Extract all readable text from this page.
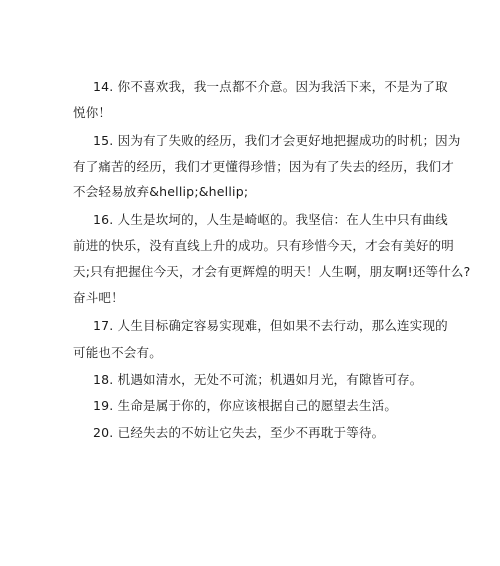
14. 你不喜欢我，我一点都不介意。因为我活下来，不是为了取
悦你！
15. 因为有了失败的经历，我们才会更好地把握成功的时机；因为
有了痛苦的经历，我们才更懂得珍惜；因为有了失去的经历，我们才
不会轻易放弃&hellip;&hellip;
16. 人生是坎坷的，人生是崎岖的。我坚信：在人生中只有曲线
前进的快乐，没有直线上升的成功。只有珍惜今天，才会有美好的明
天;只有把握住今天，才会有更辉煌的明天！人生啊，朋友啊!还等什么?
奋斗吧！
17. 人生目标确定容易实现难，但如果不去行动，那么连实现的
可能也不会有。
18. 机遇如清水，无处不可流；机遇如月光，有隙皆可存。
19. 生命是属于你的，你应该根据自己的愿望去生活。
20. 已经失去的不妨让它失去，至少不再耽于等待。
